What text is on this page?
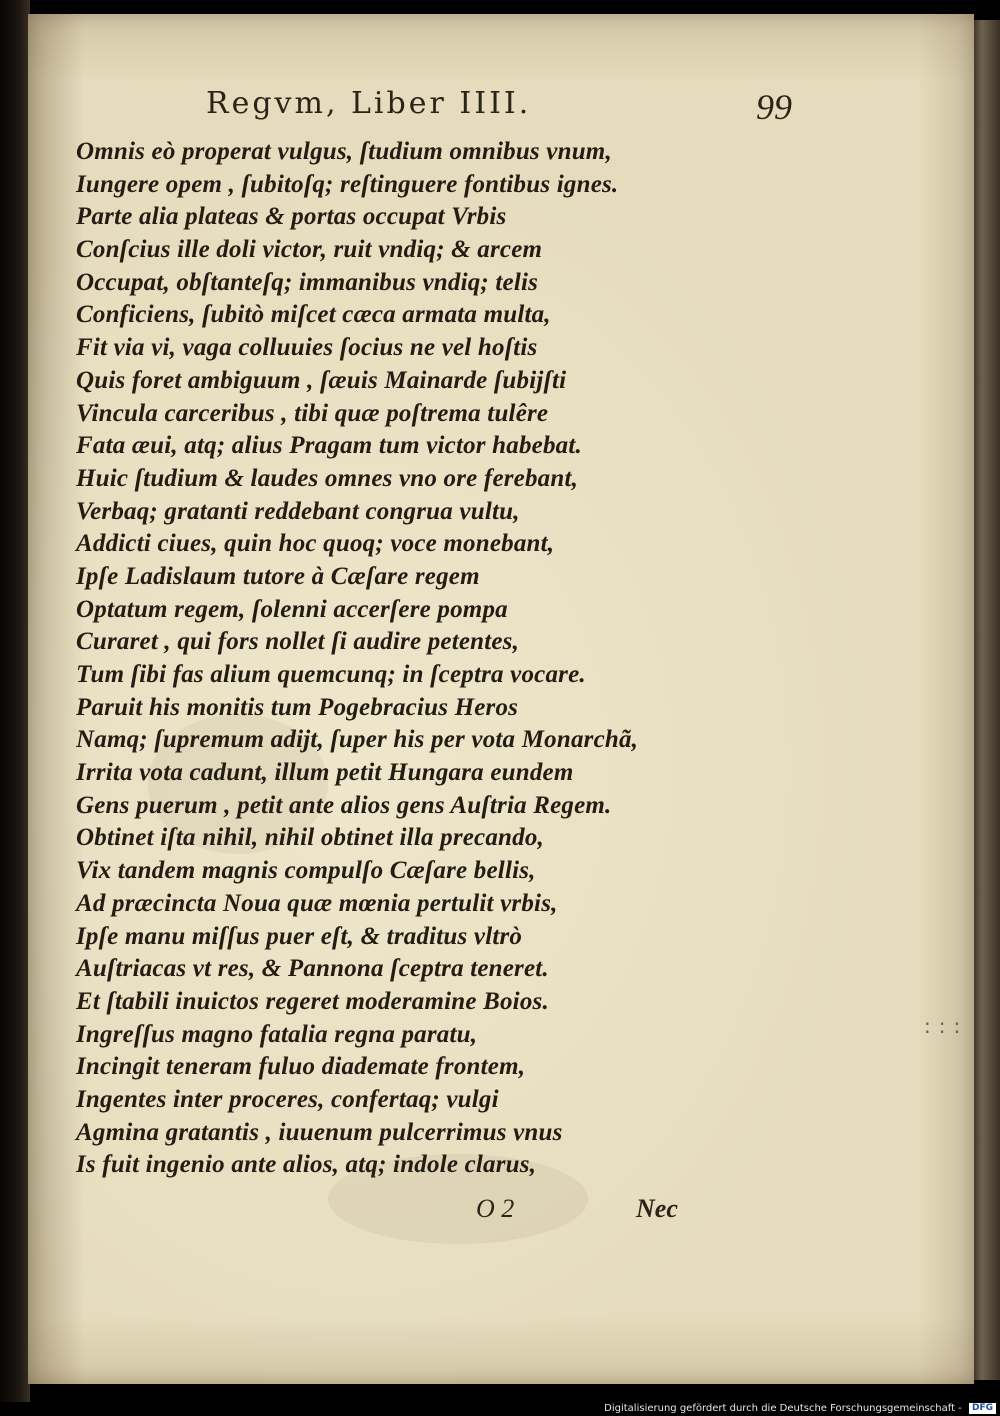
Regvm, Liber IIII.	99
Omnis eò properat vulgus, ſtudium omnibus vnum,
Iungere opem , ſubitoſq; reſtinguere fontibus ignes.
Parte alia plateas & portas occupat Vrbis
Conſcius ille doli victor, ruit vndiq; & arcem
Occupat, obſtanteſq; immanibus vndiq; telis
Conficiens, ſubitò miſcet cæca armata multa,
Fit via vi, vaga colluuies ſocius ne vel hoſtis
Quis foret ambiguum , ſæuis Mainarde ſubijſti
Vincula carceribus , tibi quæ poſtrema tulêre
Fata æui, atq; alius Pragam tum victor habebat.
Huic ſtudium & laudes omnes vno ore ferebant,
Verbaq; gratanti reddebant congrua vultu,
Addicti ciues, quin hoc quoq; voce monebant,
Ipſe Ladislaum tutore à Cæſare regem
Optatum regem, ſolenni accerſere pompa
Curaret , qui fors nollet ſi audire petentes,
Tum ſibi fas alium quemcunq; in ſceptra vocare.
Paruit his monitis tum Pogebracius Heros
Namq; ſupremum adijt, ſuper his per vota Monarchã,
Irrita vota cadunt, illum petit Hungara eundem
Gens puerum , petit ante alios gens Auſtria Regem.
Obtinet iſta nihil, nihil obtinet illa precando,
Vix tandem magnis compulſo Cæſare bellis,
Ad præcincta Noua quæ mœnia pertulit vrbis,
Ipſe manu miſſus puer eſt, & traditus vltrò
Auſtriacas vt res, & Pannona ſceptra teneret.
Et ſtabili inuictos regeret moderamine Boios.
Ingreſſus magno fatalia regna paratu,
Incingit teneram fuluo diademate frontem,
Ingentes inter proceres, confertaq; vulgi
Agmina gratantis , iuuenum pulcerrimus vnus
Is fuit ingenio ante alios, atq; indole clarus,
O 2	Nec
:::
Digitalisierung gefördert durch die Deutsche Forschungsgemeinschaft - DFG
